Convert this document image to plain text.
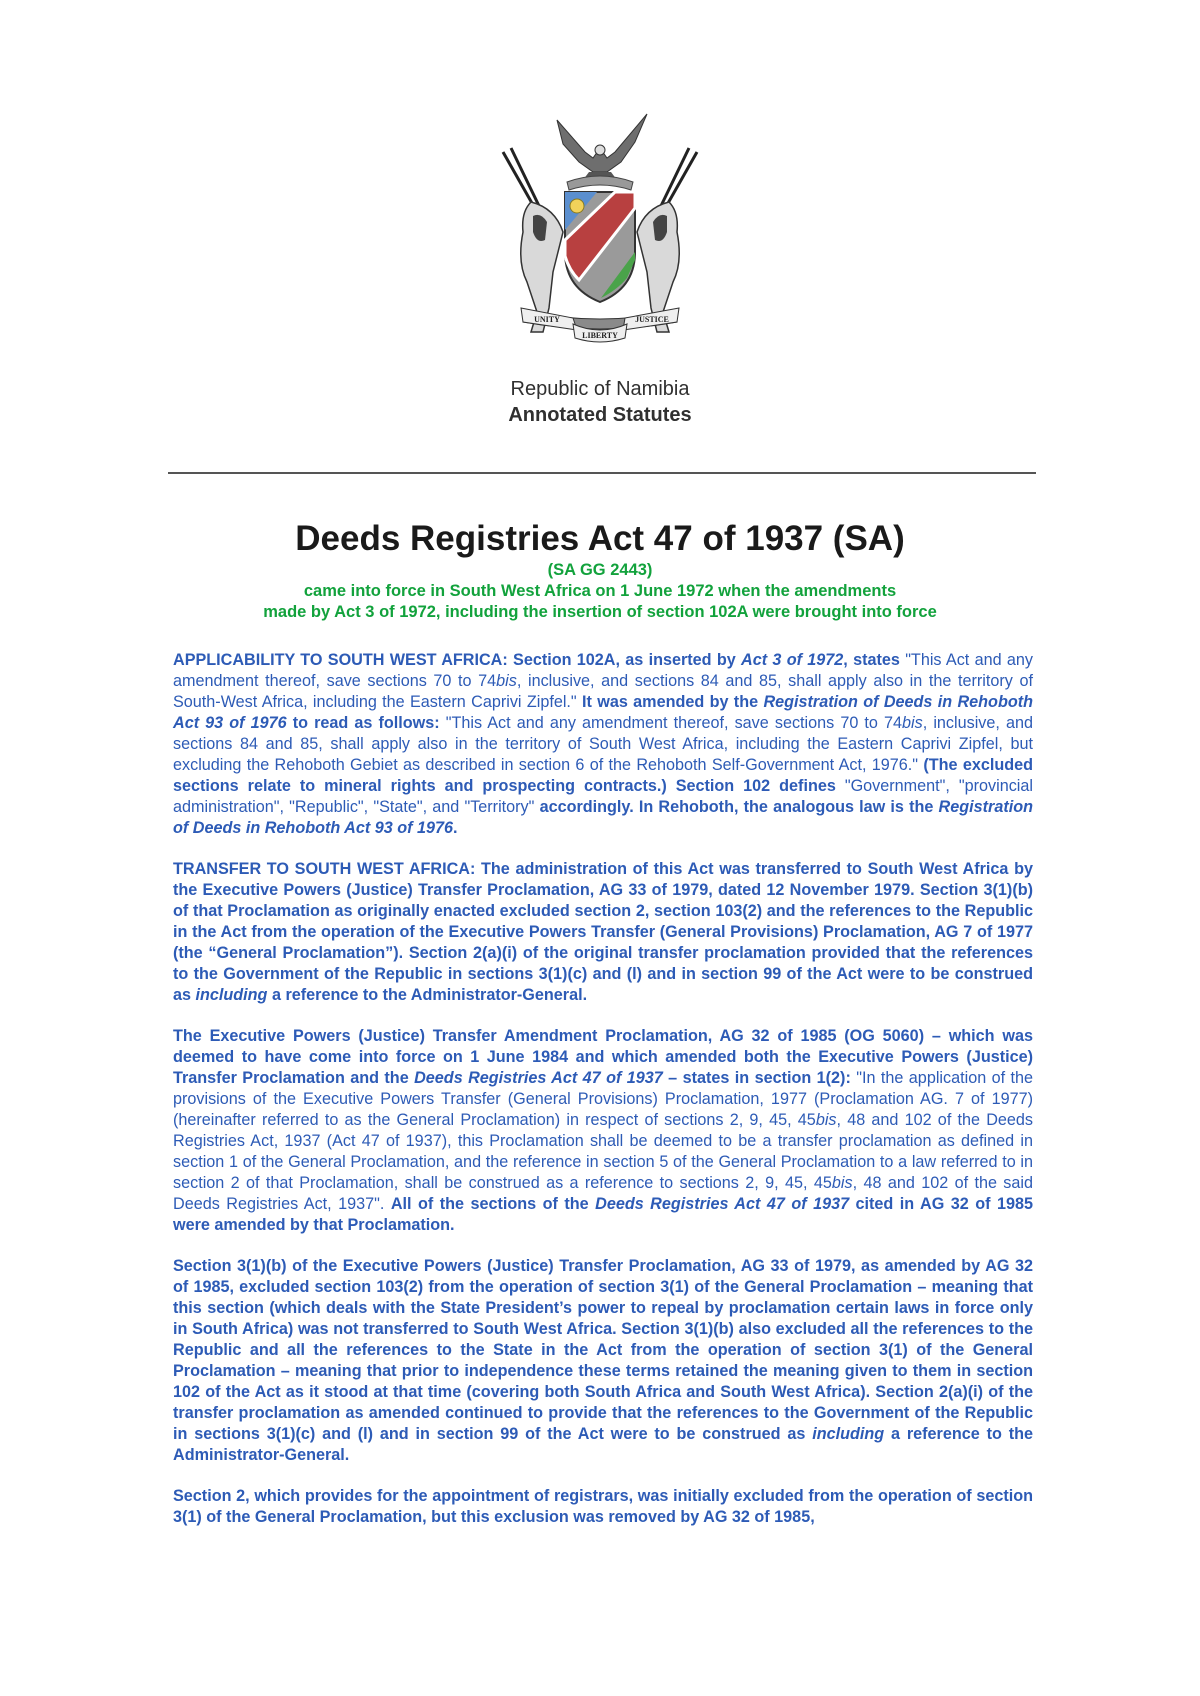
UNITY
LIBERTY
JUSTICE
Republic of Namibia
Annotated Statutes
Deeds Registries Act 47 of 1937 (SA)
(SA GG 2443)
came into force in South West Africa on 1 June 1972 when the amendments
made by Act 3 of 1972, including the insertion of section 102A were brought into force

APPLICABILITY TO SOUTH WEST AFRICA: Section 102A, as inserted by Act 3 of 1972, states "This Act and any amendment thereof, save sections 70 to 74bis, inclusive, and sections 84 and 85, shall apply also in the territory of South-West Africa, including the Eastern Caprivi Zipfel." It was amended by the Registration of Deeds in Rehoboth Act 93 of 1976 to read as follows: "This Act and any amendment thereof, save sections 70 to 74bis, inclusive, and sections 84 and 85, shall apply also in the territory of South West Africa, including the Eastern Caprivi Zipfel, but excluding the Rehoboth Gebiet as described in section 6 of the Rehoboth Self-Government Act, 1976." (The excluded sections relate to mineral rights and prospecting contracts.) Section 102 defines "Government", "provincial administration", "Republic", "State", and "Territory" accordingly. In Rehoboth, the analogous law is the Registration of Deeds in Rehoboth Act 93 of 1976.

TRANSFER TO SOUTH WEST AFRICA: The administration of this Act was transferred to South West Africa by the Executive Powers (Justice) Transfer Proclamation, AG 33 of 1979, dated 12 November 1979. Section 3(1)(b) of that Proclamation as originally enacted excluded section 2, section 103(2) and the references to the Republic in the Act from the operation of the Executive Powers Transfer (General Provisions) Proclamation, AG 7 of 1977 (the “General Proclamation”). Section 2(a)(i) of the original transfer proclamation provided that the references to the Government of the Republic in sections 3(1)(c) and (l) and in section 99 of the Act were to be construed as including a reference to the Administrator-General.

The Executive Powers (Justice) Transfer Amendment Proclamation, AG 32 of 1985 (OG 5060) – which was deemed to have come into force on 1 June 1984 and which amended both the Executive Powers (Justice) Transfer Proclamation and the Deeds Registries Act 47 of 1937 – states in section 1(2): "In the application of the provisions of the Executive Powers Transfer (General Provisions) Proclamation, 1977 (Proclamation AG. 7 of 1977) (hereinafter referred to as the General Proclamation) in respect of sections 2, 9, 45, 45bis, 48 and 102 of the Deeds Registries Act, 1937 (Act 47 of 1937), this Proclamation shall be deemed to be a transfer proclamation as defined in section 1 of the General Proclamation, and the reference in section 5 of the General Proclamation to a law referred to in section 2 of that Proclamation, shall be construed as a reference to sections 2, 9, 45, 45bis, 48 and 102 of the said Deeds Registries Act, 1937". All of the sections of the Deeds Registries Act 47 of 1937 cited in AG 32 of 1985 were amended by that Proclamation.

Section 3(1)(b) of the Executive Powers (Justice) Transfer Proclamation, AG 33 of 1979, as amended by AG 32 of 1985, excluded section 103(2) from the operation of section 3(1) of the General Proclamation – meaning that this section (which deals with the State President’s power to repeal by proclamation certain laws in force only in South Africa) was not transferred to South West Africa. Section 3(1)(b) also excluded all the references to the Republic and all the references to the State in the Act from the operation of section 3(1) of the General Proclamation – meaning that prior to independence these terms retained the meaning given to them in section 102 of the Act as it stood at that time (covering both South Africa and South West Africa). Section 2(a)(i) of the transfer proclamation as amended continued to provide that the references to the Government of the Republic in sections 3(1)(c) and (l) and in section 99 of the Act were to be construed as including a reference to the Administrator-General.

Section 2, which provides for the appointment of registrars, was initially excluded from the operation of section 3(1) of the General Proclamation, but this exclusion was removed by AG 32 of 1985,
